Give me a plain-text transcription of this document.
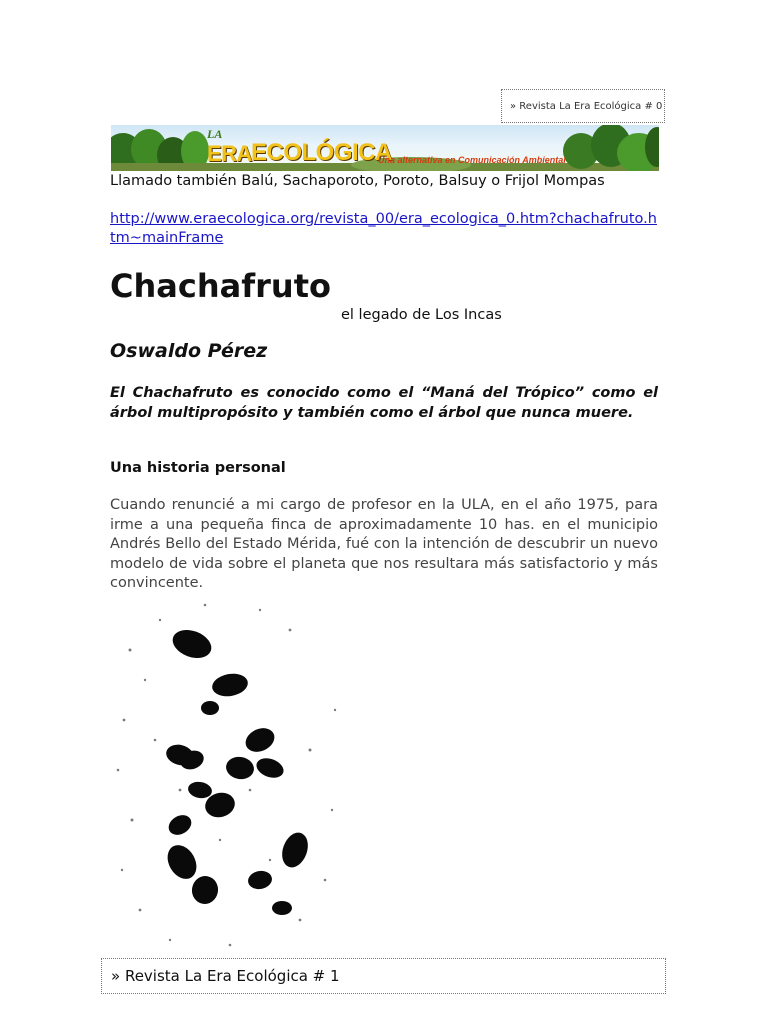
» Revista La Era Ecológica # 0
LA
ERA ECOLÓGICA
Una alternativa en Comunicación Ambiental
Llamado también Balú, Sachaporoto, Poroto, Balsuy o Frijol Mompas
http://www.eraecologica.org/revista_00/era_ecologica_0.htm?chachafruto.htm~mainFrame
Chachafruto
el legado de Los Incas
Oswaldo Pérez
El Chachafruto es conocido como el “Maná del Trópico” como el árbol multipropósito y también como el árbol que nunca muere.
Una historia personal
Cuando renuncié a mi cargo de profesor en la ULA, en el año 1975, para irme a una pequeña finca de aproximadamente 10 has. en el municipio Andrés Bello del Estado Mérida, fué con la intención de descubrir un nuevo modelo de vida sobre el planeta que nos resultara más satisfactorio y más convincente.
» Revista La Era Ecológica # 1
